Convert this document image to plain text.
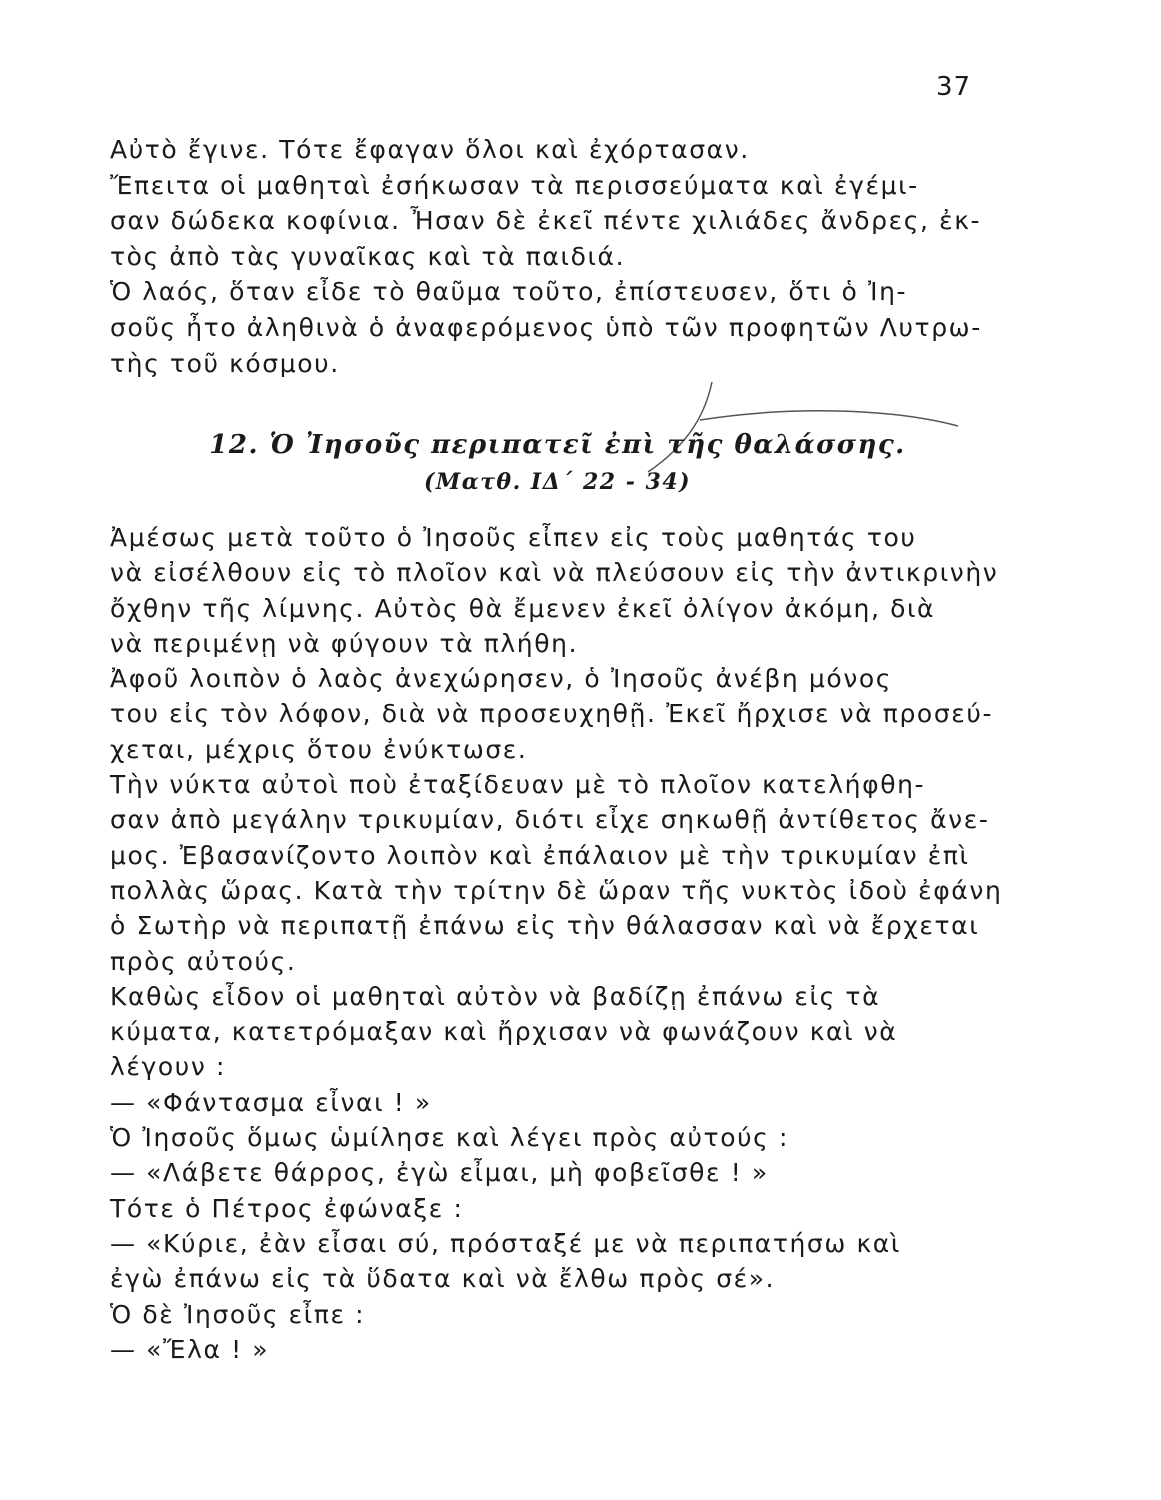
37
Αὐτὸ ἔγινε. Τότε ἔφαγαν ὅλοι καὶ ἐχόρτασαν.
Ἔπειτα οἱ μαθηταὶ ἐσήκωσαν τὰ περισσεύματα καὶ ἐγέμι-
σαν δώδεκα κοφίνια. Ἦσαν δὲ ἐκεῖ πέντε χιλιάδες ἄνδρες, ἐκ-
τὸς ἀπὸ τὰς γυναῖκας καὶ τὰ παιδιά.
Ὁ λαός, ὅταν εἶδε τὸ θαῦμα τοῦτο, ἐπίστευσεν, ὅτι ὁ Ἰη-
σοῦς ἦτο ἀληθινὰ ὁ ἀναφερόμενος ὑπὸ τῶν προφητῶν Λυτρω-
τὴς τοῦ κόσμου.
12. Ὁ Ἰησοῦς περιπατεῖ ἐπὶ τῆς θαλάσσης.
(Ματθ. ΙΔ΄ 22 - 34)
Ἀμέσως μετὰ τοῦτο ὁ Ἰησοῦς εἶπεν εἰς τοὺς μαθητάς του
νὰ εἰσέλθουν εἰς τὸ πλοῖον καὶ νὰ πλεύσουν εἰς τὴν ἀντικρινὴν
ὄχθην τῆς λίμνης. Αὐτὸς θὰ ἔμενεν ἐκεῖ ὀλίγον ἀκόμη, διὰ
νὰ περιμένῃ νὰ φύγουν τὰ πλήθη.
Ἀφοῦ λοιπὸν ὁ λαὸς ἀνεχώρησεν, ὁ Ἰησοῦς ἀνέβη μόνος
του εἰς τὸν λόφον, διὰ νὰ προσευχηθῇ. Ἐκεῖ ἤρχισε νὰ προσεύ-
χεται, μέχρις ὅτου ἐνύκτωσε.
Τὴν νύκτα αὐτοὶ ποὺ ἐταξίδευαν μὲ τὸ πλοῖον κατελήφθη-
σαν ἀπὸ μεγάλην τρικυμίαν, διότι εἶχε σηκωθῇ ἀντίθετος ἄνε-
μος. Ἐβασανίζοντο λοιπὸν καὶ ἐπάλαιον μὲ τὴν τρικυμίαν ἐπὶ
πολλὰς ὥρας. Κατὰ τὴν τρίτην δὲ ὥραν τῆς νυκτὸς ἰδοὺ ἐφάνη
ὁ Σωτὴρ νὰ περιπατῇ ἐπάνω εἰς τὴν θάλασσαν καὶ νὰ ἔρχεται
πρὸς αὐτούς.
Καθὼς εἶδον οἱ μαθηταὶ αὐτὸν νὰ βαδίζῃ ἐπάνω εἰς τὰ
κύματα, κατετρόμαξαν καὶ ἤρχισαν νὰ φωνάζουν καὶ νὰ
λέγουν :
— «Φάντασμα εἶναι ! »
Ὁ Ἰησοῦς ὅμως ὡμίλησε καὶ λέγει πρὸς αὐτούς :
— «Λάβετε θάρρος, ἐγὼ εἶμαι, μὴ φοβεῖσθε ! »
Τότε ὁ Πέτρος ἐφώναξε :
— «Κύριε, ἐὰν εἶσαι σύ, πρόσταξέ με νὰ περιπατήσω καὶ
ἐγὼ ἐπάνω εἰς τὰ ὕδατα καὶ νὰ ἔλθω πρὸς σέ».
Ὁ δὲ Ἰησοῦς εἶπε :
— «Ἔλα ! »
